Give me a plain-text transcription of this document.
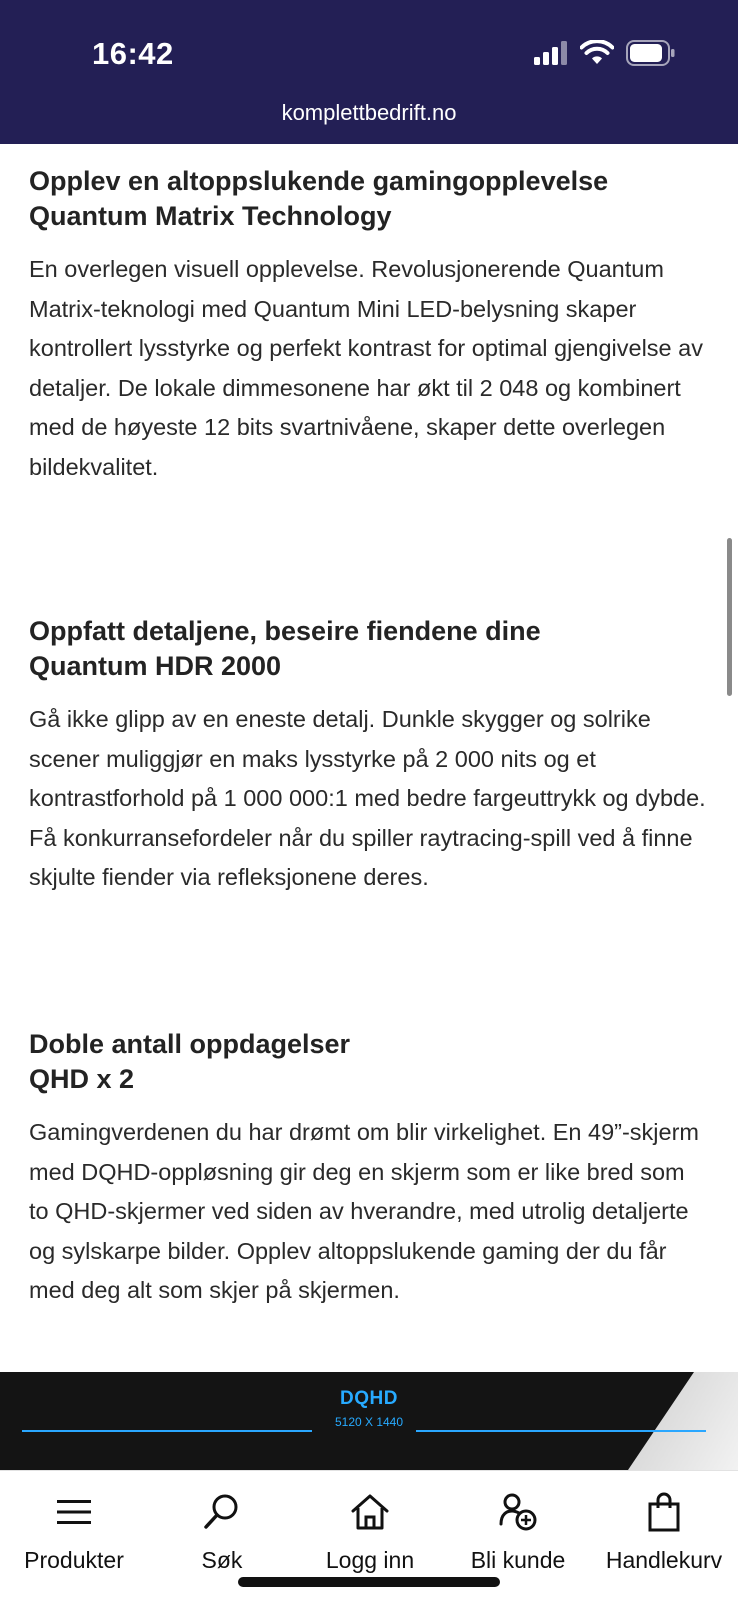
16:42
komplettbedrift.no
Opplev en altoppslukende gamingopplevelse
Quantum Matrix Technology

En overlegen visuell opplevelse. Revolusjonerende Quantum Matrix-teknologi med Quantum Mini LED-belysning skaper kontrollert lysstyrke og perfekt kontrast for optimal gjengivelse av detaljer. De lokale dimmesonene har økt til 2 048 og kombinert med de høyeste 12 bits svartnivåene, skaper dette overlegen bildekvalitet.

Oppfatt detaljene, beseire fiendene dine
Quantum HDR 2000

Gå ikke glipp av en eneste detalj. Dunkle skygger og solrike scener muliggjør en maks lysstyrke på 2 000 nits og et kontrastforhold på 1 000 000:1 med bedre fargeuttrykk og dybde. Få konkurransefordeler når du spiller raytracing-spill ved å finne skjulte fiender via refleksjonene deres.

Doble antall oppdagelser
QHD x 2

Gamingverdenen du har drømt om blir virkelighet. En 49”-skjerm med DQHD-oppløsning gir deg en skjerm som er like bred som to QHD-skjermer ved siden av hverandre, med utrolig detaljerte og sylskarpe bilder. Opplev altoppslukende gaming der du får med deg alt som skjer på skjermen.

DQHD
5120 X 1440
Produkter	Søk	Logg inn Bli kunde Handlekurv
